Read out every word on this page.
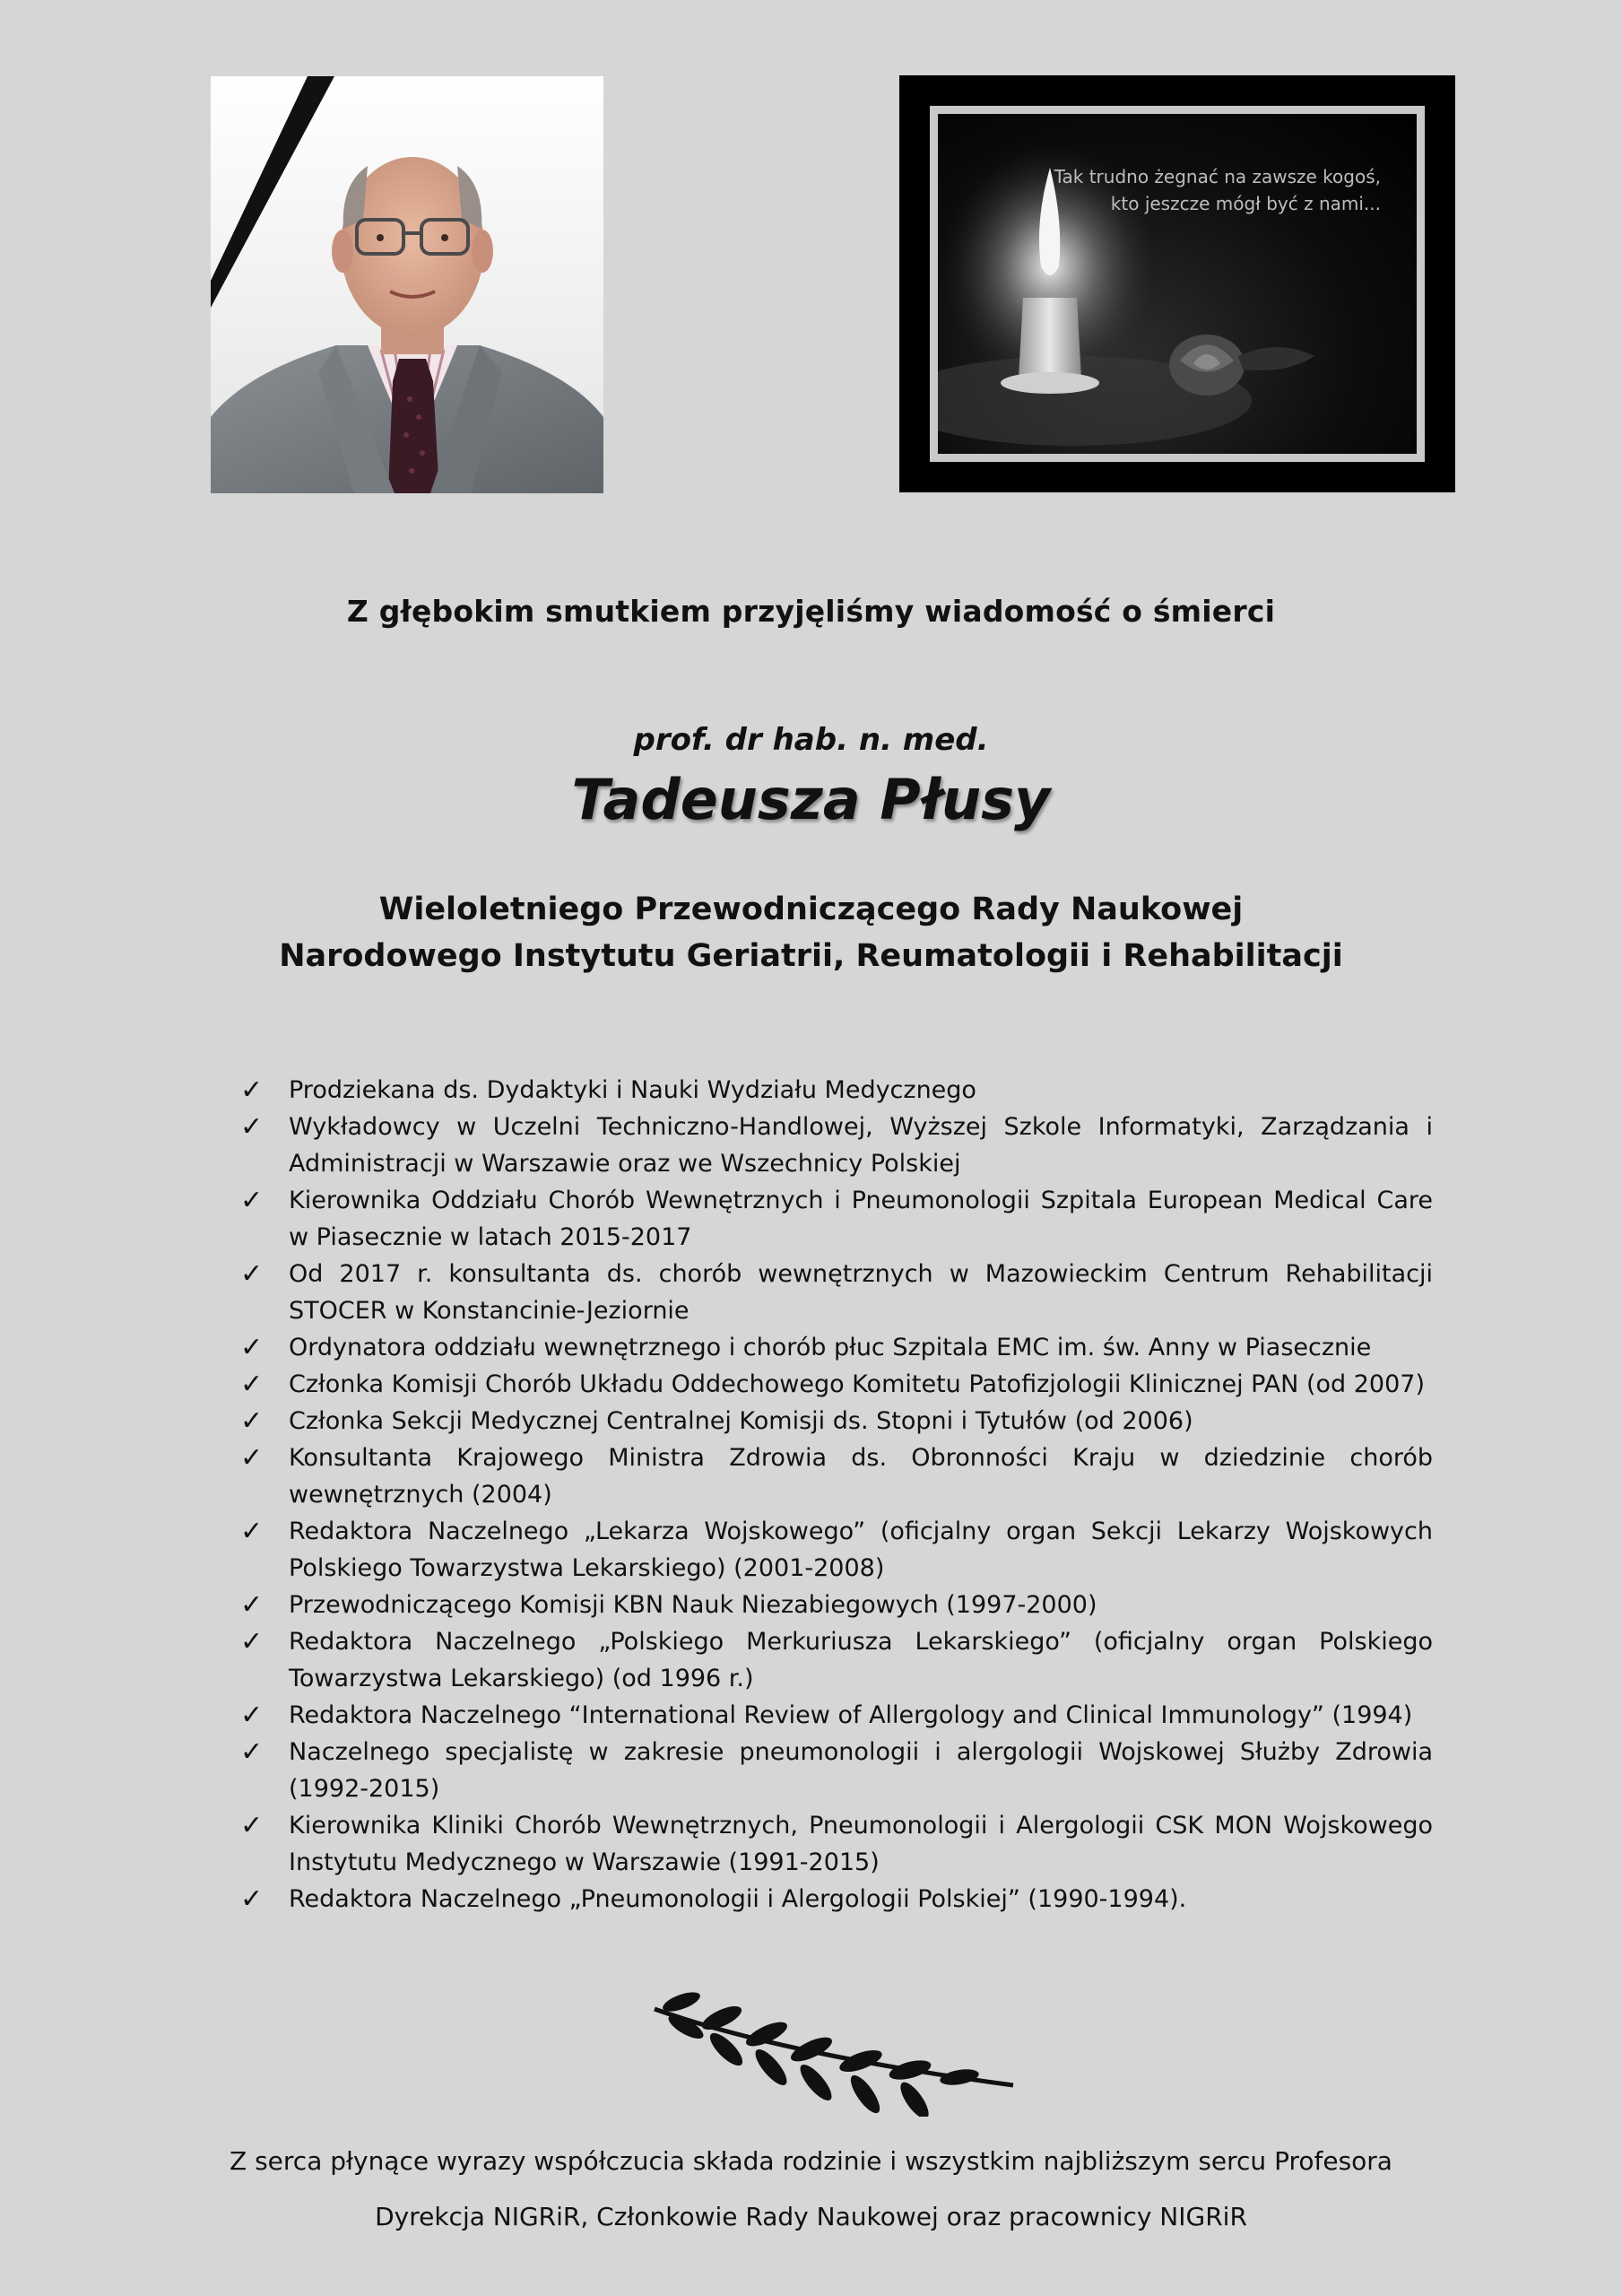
Tak trudno żegnać na zawsze kogoś,
kto jeszcze mógł być z nami...
Z głębokim smutkiem przyjęliśmy wiadomość o śmierci
prof. dr hab. n. med.
Tadeusza Płusy
Wieloletniego Przewodniczącego Rady Naukowej
Narodowego Instytutu Geriatrii, Reumatologii i Rehabilitacji
✓ Prodziekana ds. Dydaktyki i Nauki Wydziału Medycznego
✓ Wykładowcy w Uczelni Techniczno-Handlowej, Wyższej Szkole Informatyki, Zarządzania i Administracji w Warszawie oraz we Wszechnicy Polskiej
✓ Kierownika Oddziału Chorób Wewnętrznych i Pneumonologii Szpitala European Medical Care w Piasecznie w latach 2015-2017
✓ Od 2017 r. konsultanta ds. chorób wewnętrznych w Mazowieckim Centrum Rehabilitacji STOCER w Konstancinie-Jeziornie
✓ Ordynatora oddziału wewnętrznego i chorób płuc Szpitala EMC im. św. Anny w Piasecznie
✓ Członka Komisji Chorób Układu Oddechowego Komitetu Patofizjologii Klinicznej PAN (od 2007)
✓ Członka Sekcji Medycznej Centralnej Komisji ds. Stopni i Tytułów (od 2006)
✓ Konsultanta Krajowego Ministra Zdrowia ds. Obronności Kraju w dziedzinie chorób wewnętrznych (2004)
✓ Redaktora Naczelnego „Lekarza Wojskowego” (oficjalny organ Sekcji Lekarzy Wojskowych Polskiego Towarzystwa Lekarskiego) (2001-2008)
✓ Przewodniczącego Komisji KBN Nauk Niezabiegowych (1997-2000)
✓ Redaktora Naczelnego „Polskiego Merkuriusza Lekarskiego” (oficjalny organ Polskiego Towarzystwa Lekarskiego) (od 1996 r.)
✓ Redaktora Naczelnego “International Review of Allergology and Clinical Immunology” (1994)
✓ Naczelnego specjalistę w zakresie pneumonologii i alergologii Wojskowej Służby Zdrowia (1992-2015)
✓ Kierownika Kliniki Chorób Wewnętrznych, Pneumonologii i Alergologii CSK MON Wojskowego Instytutu Medycznego w Warszawie (1991-2015)
✓ Redaktora Naczelnego „Pneumonologii i Alergologii Polskiej” (1990-1994).
Z serca płynące wyrazy współczucia składa rodzinie i wszystkim najbliższym sercu Profesora
Dyrekcja NIGRiR, Członkowie Rady Naukowej oraz pracownicy NIGRiR
